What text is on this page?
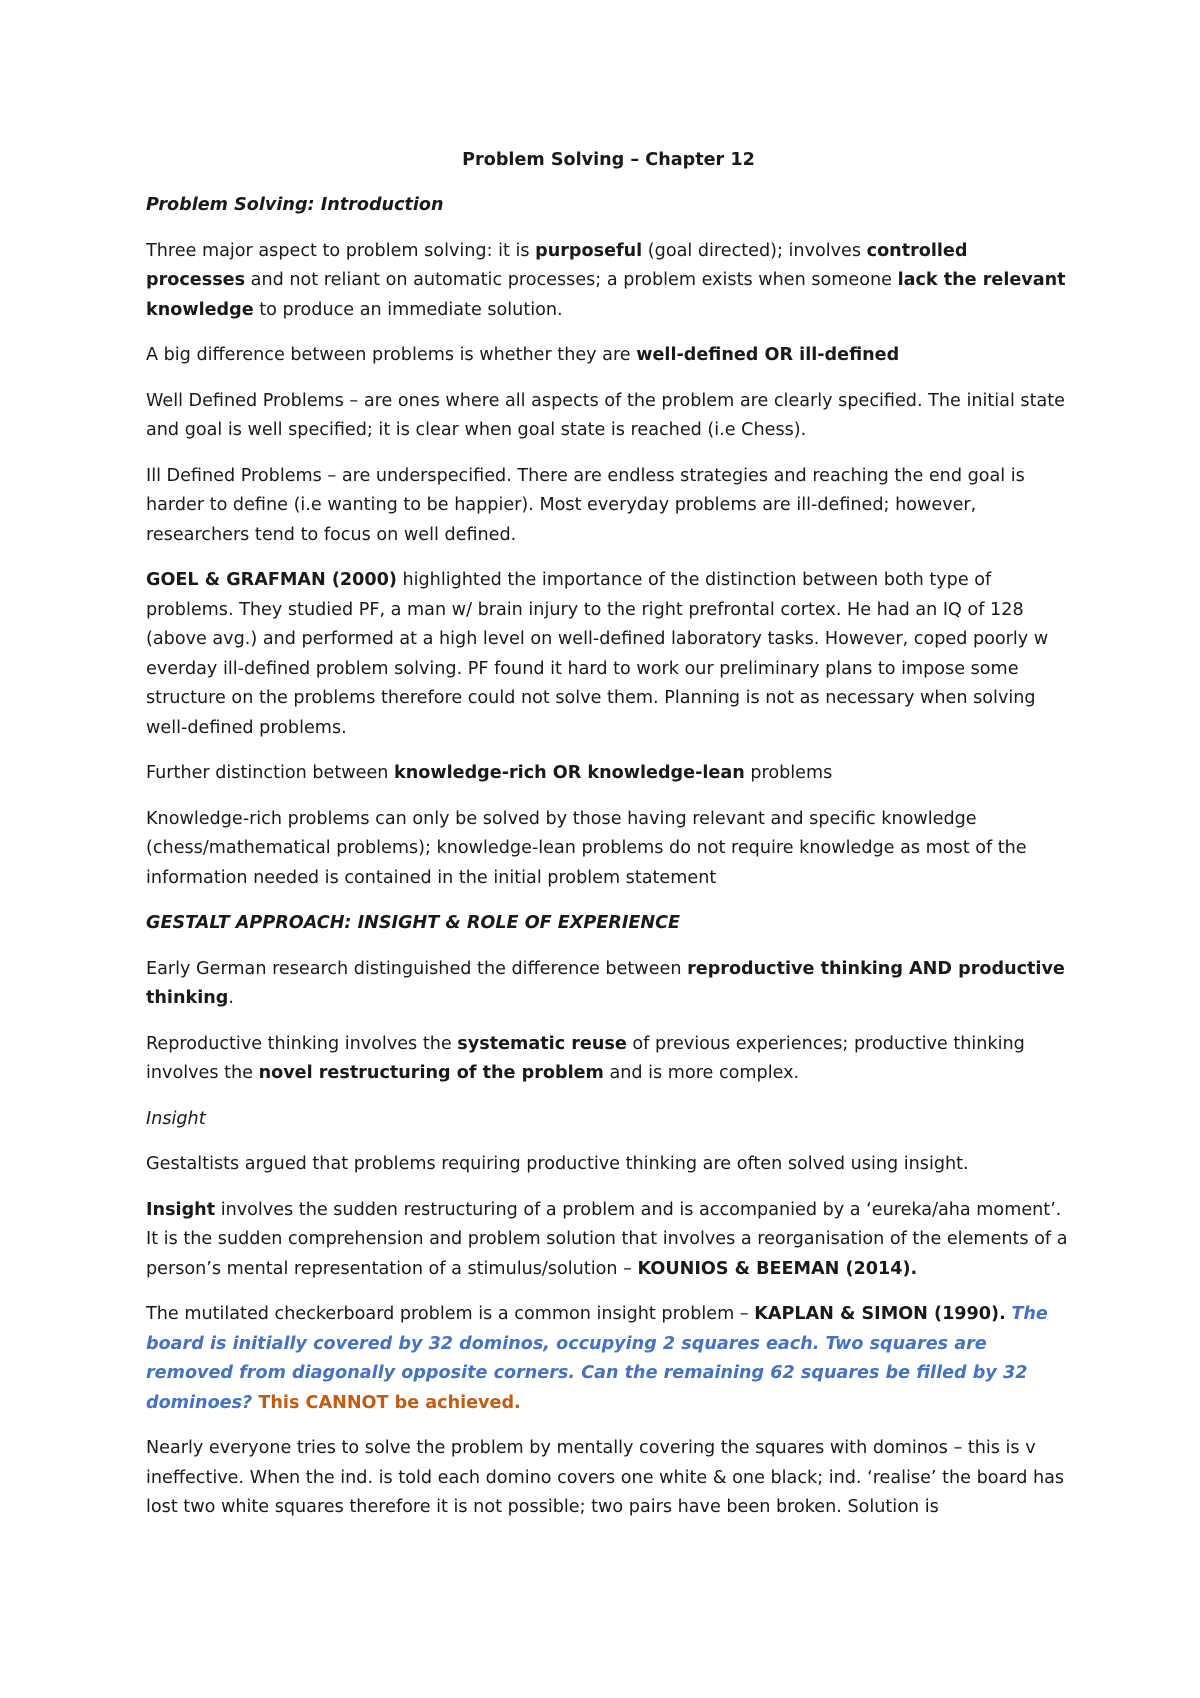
Problem Solving – Chapter 12

Problem Solving: Introduction

Three major aspect to problem solving: it is purposeful (goal directed); involves controlled processes and not reliant on automatic processes; a problem exists when someone lack the relevant knowledge to produce an immediate solution.

A big difference between problems is whether they are well-defined OR ill-defined

Well Defined Problems – are ones where all aspects of the problem are clearly specified. The initial state and goal is well specified; it is clear when goal state is reached (i.e Chess).

Ill Defined Problems – are underspecified. There are endless strategies and reaching the end goal is harder to define (i.e wanting to be happier). Most everyday problems are ill-defined; however, researchers tend to focus on well defined.

GOEL & GRAFMAN (2000) highlighted the importance of the distinction between both type of problems. They studied PF, a man w/ brain injury to the right prefrontal cortex. He had an IQ of 128 (above avg.) and performed at a high level on well-defined laboratory tasks. However, coped poorly w everday ill-defined problem solving. PF found it hard to work our preliminary plans to impose some structure on the problems therefore could not solve them. Planning is not as necessary when solving well-defined problems.

Further distinction between knowledge-rich OR knowledge-lean problems

Knowledge-rich problems can only be solved by those having relevant and specific knowledge (chess/mathematical problems); knowledge-lean problems do not require knowledge as most of the information needed is contained in the initial problem statement

GESTALT APPROACH: INSIGHT & ROLE OF EXPERIENCE

Early German research distinguished the difference between reproductive thinking AND productive thinking.

Reproductive thinking involves the systematic reuse of previous experiences; productive thinking involves the novel restructuring of the problem and is more complex.

Insight

Gestaltists argued that problems requiring productive thinking are often solved using insight.

Insight involves the sudden restructuring of a problem and is accompanied by a ‘eureka/aha moment’. It is the sudden comprehension and problem solution that involves a reorganisation of the elements of a person’s mental representation of a stimulus/solution – KOUNIOS & BEEMAN (2014).

The mutilated checkerboard problem is a common insight problem – KAPLAN & SIMON (1990). The board is initially covered by 32 dominos, occupying 2 squares each. Two squares are removed from diagonally opposite corners. Can the remaining 62 squares be filled by 32 dominoes? This CANNOT be achieved.

Nearly everyone tries to solve the problem by mentally covering the squares with dominos – this is v ineffective. When the ind. is told each domino covers one white & one black; ind. ‘realise’ the board has lost two white squares therefore it is not possible; two pairs have been broken. Solution is
